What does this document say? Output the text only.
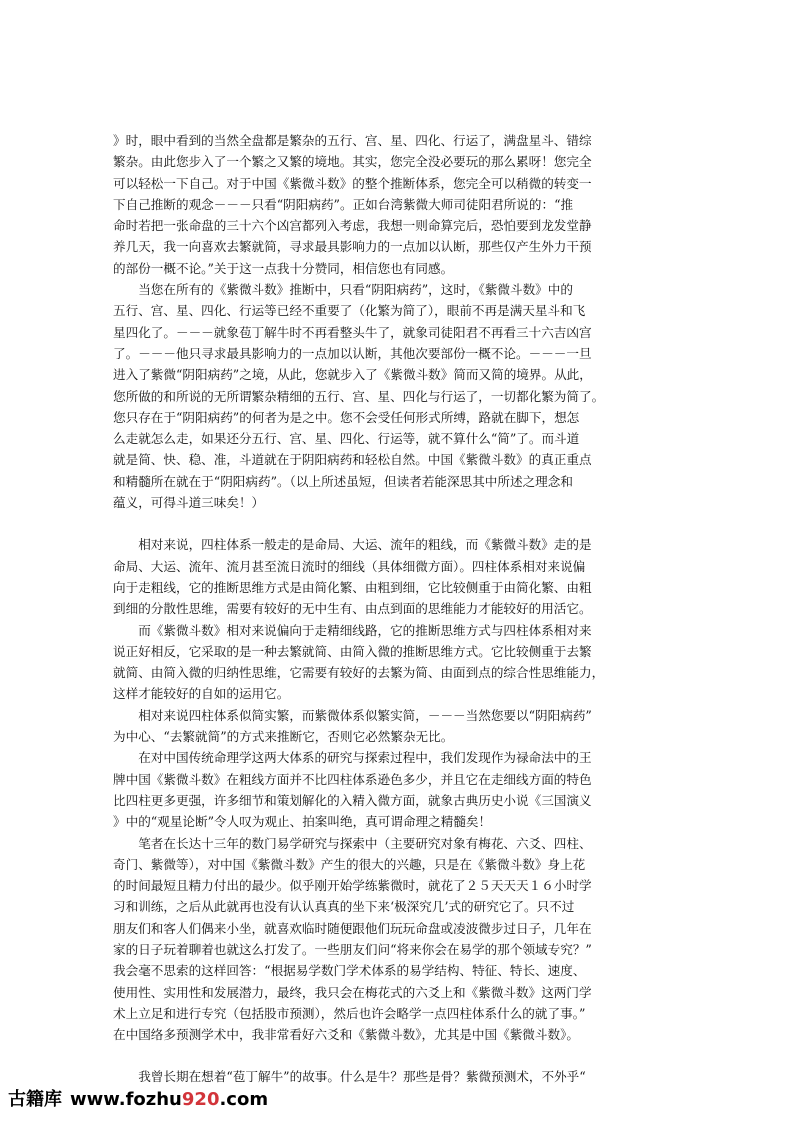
》时，眼中看到的当然全盘都是繁杂的五行、宫、星、四化、行运了，满盘星斗、错综

繁杂。由此您步入了一个繁之又繁的境地。其实，您完全没必要玩的那么累呀！您完全

可以轻松一下自己。对于中国《紫微斗数》的整个推断体系，您完全可以稍微的转变一

下自己推断的观念－－－只看“阴阳病药”。正如台湾紫微大师司徒阳君所说的：“推

命时若把一张命盘的三十六个凶宫都列入考虑，我想一则命算完后，恐怕要到龙发堂静

养几天，我一向喜欢去繁就简，寻求最具影响力的一点加以认断，那些仅产生外力干预

的部份一概不论。”关于这一点我十分赞同，相信您也有同感。

　　当您在所有的《紫微斗数》推断中，只看“阴阳病药”，这时，《紫微斗数》中的

五行、宫、星、四化、行运等已经不重要了（化繁为简了），眼前不再是满天星斗和飞

星四化了。－－－就象苞丁解牛时不再看整头牛了，就象司徒阳君不再看三十六吉凶宫

了。－－－他只寻求最具影响力的一点加以认断，其他次要部份一概不论。－－－一旦

进入了紫微“阴阳病药”之境，从此，您就步入了《紫微斗数》简而又简的境界。从此，

您所做的和所说的无所谓繁杂精细的五行、宫、星、四化与行运了，一切都化繁为简了。

您只存在于“阴阳病药”的何者为是之中。您不会受任何形式所缚，路就在脚下，想怎

么走就怎么走，如果还分五行、宫、星、四化、行运等，就不算什么“简”了。而斗道

就是简、快、稳、准，斗道就在于阴阳病药和轻松自然。中国《紫微斗数》的真正重点

和精髓所在就在于“阴阳病药”。（以上所述虽短，但读者若能深思其中所述之理念和

蕴义，可得斗道三味矣！）

　　相对来说，四柱体系一般走的是命局、大运、流年的粗线，而《紫微斗数》走的是

命局、大运、流年、流月甚至流日流时的细线（具体细微方面）。四柱体系相对来说偏

向于走粗线，它的推断思维方式是由简化繁、由粗到细，它比较侧重于由简化繁、由粗

到细的分散性思维，需要有较好的无中生有、由点到面的思维能力才能较好的用活它。

　　而《紫微斗数》相对来说偏向于走精细线路，它的推断思维方式与四柱体系相对来

说正好相反，它采取的是一种去繁就简、由简入微的推断思维方式。它比较侧重于去繁

就简、由简入微的归纳性思维，它需要有较好的去繁为简、由面到点的综合性思维能力，

这样才能较好的自如的运用它。

　　相对来说四柱体系似简实繁，而紫微体系似繁实简，－－－当然您要以“阴阳病药”

为中心、“去繁就简”的方式来推断它，否则它必然繁杂无比。

　　在对中国传统命理学这两大体系的研究与探索过程中，我们发现作为禄命法中的王

牌中国《紫微斗数》在粗线方面并不比四柱体系逊色多少，并且它在走细线方面的特色

比四柱更多更强，许多细节和策划解化的入精入微方面，就象古典历史小说《三国演义

》中的“观星论断”令人叹为观止、拍案叫绝，真可谓命理之精髓矣！

　　笔者在长达十三年的数门易学研究与探索中（主要研究对象有梅花、六爻、四柱、

奇门、紫微等），对中国《紫微斗数》产生的很大的兴趣，只是在《紫微斗数》身上花

的时间最短且精力付出的最少。似乎刚开始学练紫微时，就花了２５天天天１６小时学

习和训练，之后从此就再也没有认认真真的坐下来‘极深究几’式的研究它了。只不过

朋友们和客人们偶来小坐，就喜欢临时随便跟他们玩玩命盘或凌波微步过日子，几年在

家的日子玩着聊着也就这么打发了。一些朋友们问“将来你会在易学的那个领域专究？”

我会毫不思索的这样回答：“根据易学数门学术体系的易学结构、特征、特长、速度、

使用性、实用性和发展潜力，最终，我只会在梅花式的六爻上和《紫微斗数》这两门学

术上立足和进行专究（包括股市预测），然后也许会略学一点四柱体系什么的就了事。”

在中国络多预测学术中，我非常看好六爻和《紫微斗数》，尤其是中国《紫微斗数》。

　　我曾长期在想着“苞丁解牛”的故事。什么是牛？那些是骨？紫微预测术，不外乎“

古籍库 www.fozhu920.com
